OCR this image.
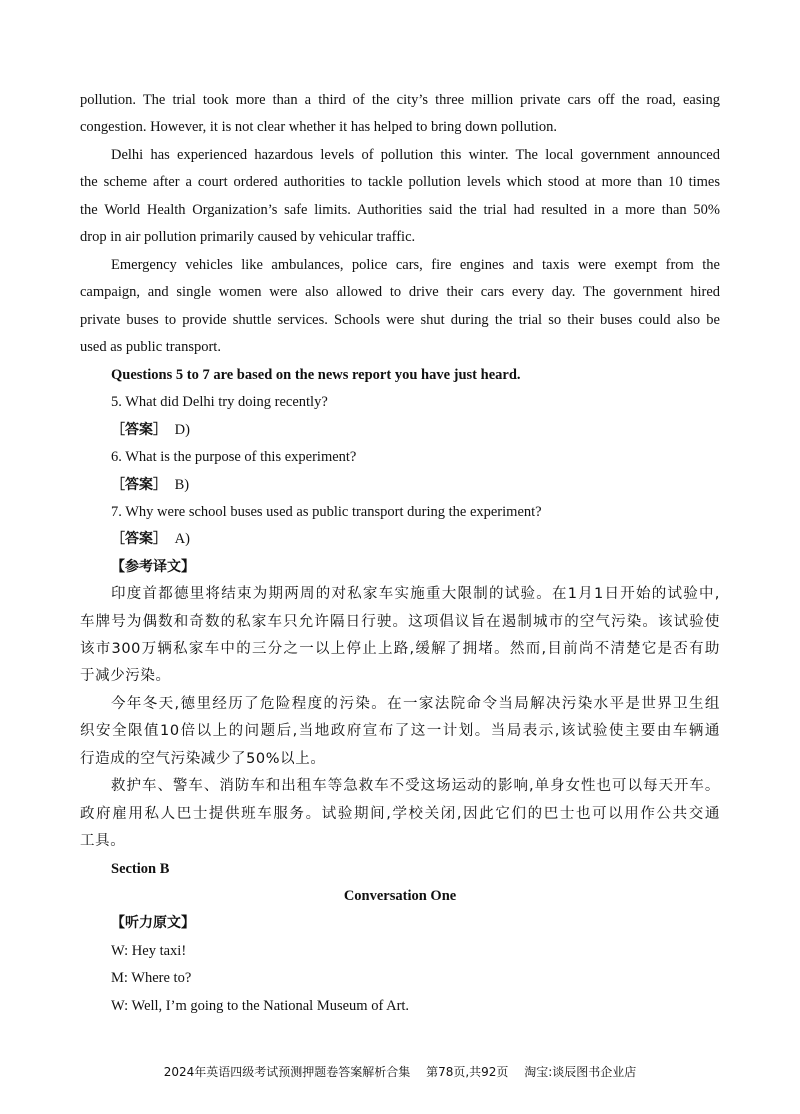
pollution. The trial took more than a third of the city’s three million private cars off the road, easing
congestion. However, it is not clear whether it has helped to bring down pollution.
Delhi has experienced hazardous levels of pollution this winter. The local government announced
the scheme after a court ordered authorities to tackle pollution levels which stood at more than 10 times
the World Health Organization’s safe limits. Authorities said the trial had resulted in a more than 50%
drop in air pollution primarily caused by vehicular traffic.
Emergency vehicles like ambulances, police cars, fire engines and taxis were exempt from the
campaign, and single women were also allowed to drive their cars every day. The government hired
private buses to provide shuttle services. Schools were shut during the trial so their buses could also be
used as public transport.
Questions 5 to 7 are based on the news report you have just heard.
5. What did Delhi try doing recently?
［答案］ D)
6. What is the purpose of this experiment?
［答案］ B)
7. Why were school buses used as public transport during the experiment?
［答案］ A)
【参考译文】
印度首都德里将结束为期两周的对私家车实施重大限制的试验。在1月1日开始的试验中,
车牌号为偶数和奇数的私家车只允许隔日行驶。这项倡议旨在遏制城市的空气污染。该试验使
该市300万辆私家车中的三分之一以上停止上路,缓解了拥堵。然而,目前尚不清楚它是否有助
于减少污染。
今年冬天,德里经历了危险程度的污染。在一家法院命令当局解决污染水平是世界卫生组
织安全限值10倍以上的问题后,当地政府宣布了这一计划。当局表示,该试验使主要由车辆通
行造成的空气污染减少了50%以上。
救护车、警车、消防车和出租车等急救车不受这场运动的影响,单身女性也可以每天开车。
政府雇用私人巴士提供班车服务。试验期间,学校关闭,因此它们的巴士也可以用作公共交通
工具。
Section B
Conversation One
【听力原文】
W: Hey taxi!
M: Where to?
W: Well, I’m going to the National Museum of Art.
2024年英语四级考试预测押题卷答案解析合集 第78页,共92页 淘宝:谈辰图书企业店
